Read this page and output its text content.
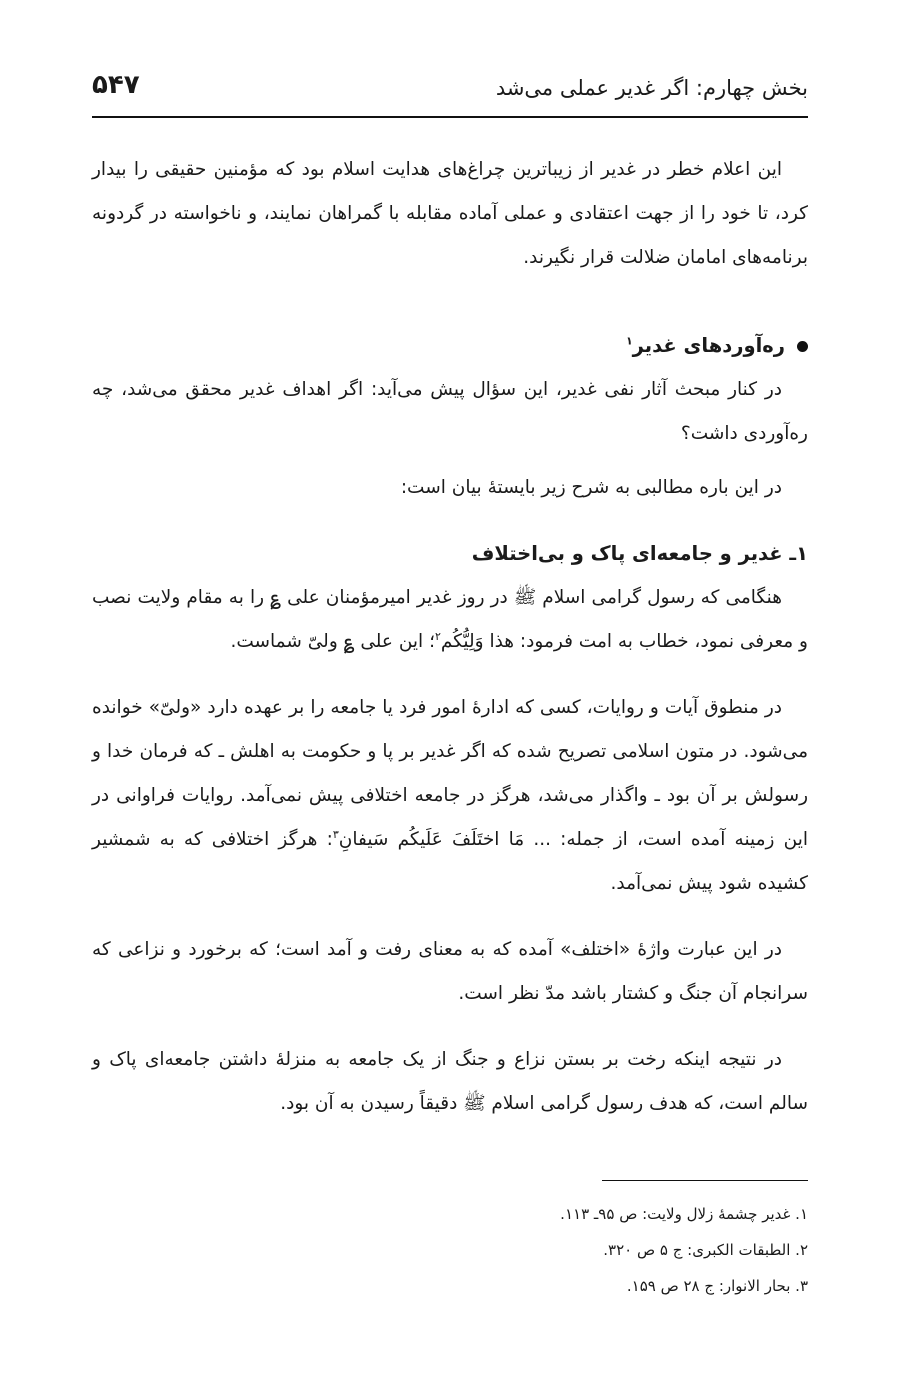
بخش چهارم: اگر غدیر عملی می‌شد
۵۴۷

این اعلام خطر در غدیر از زیباترین چراغ‌های هدایت اسلام بود که مؤمنین حقیقی را بیدار کرد، تا خود را از جهت اعتقادی و عملی آماده مقابله با گمراهان نمایند، و ناخواسته در گردونه برنامه‌های امامان ضلالت قرار نگیرند.

ره‌آوردهای غدیر$^۱$

در کنار مبحث آثار نفی غدیر، این سؤال پیش می‌آید: اگر اهداف غدیر محقق می‌شد، چه ره‌آوردی داشت؟

در این باره مطالبی به شرح زیر بایستهٔ بیان است:

۱ـ غدیر و جامعه‌ای پاک و بی‌اختلاف

هنگامی که رسول گرامی اسلام ﷺ در روز غدیر امیرمؤمنان علی ؏ را به مقام ولایت نصب و معرفی نمود، خطاب به امت فرمود: هذا وَلِیُّکُم$^۲$؛ این علی ؏ ولیّ شماست.

در منطوق آیات و روایات، کسی که ادارهٔ امور فرد یا جامعه را بر عهده دارد «ولیّ» خوانده می‌شود. در متون اسلامی تصریح شده که اگر غدیر بر پا و حکومت به اهلش ـ که فرمان خدا و رسولش بر آن بود ـ واگذار می‌شد، هرگز در جامعه اختلافی پیش نمی‌آمد. روایات فراوانی در این زمینه آمده است، از جمله: ... مَا اختَلَفَ عَلَیکُم سَیفانِ$^۳$: هرگز اختلافی که به شمشیر کشیده شود پیش نمی‌آمد.

در این عبارت واژهٔ «اختلف» آمده که به معنای رفت و آمد است؛ که برخورد و نزاعی که سرانجام آن جنگ و کشتار باشد مدّ نظر است.

در نتیجه اینکه رخت بر بستن نزاع و جنگ از یک جامعه به منزلهٔ داشتن جامعه‌ای پاک و سالم است، که هدف رسول گرامی اسلام ﷺ دقیقاً رسیدن به آن بود.

۱. غدیر چشمهٔ زلال ولایت: ص ۹۵ـ ۱۱۳.

۲. الطبقات الکبری: ج ۵ ص ۳۲۰.

۳. بحار الانوار: ج ۲۸ ص ۱۵۹.
